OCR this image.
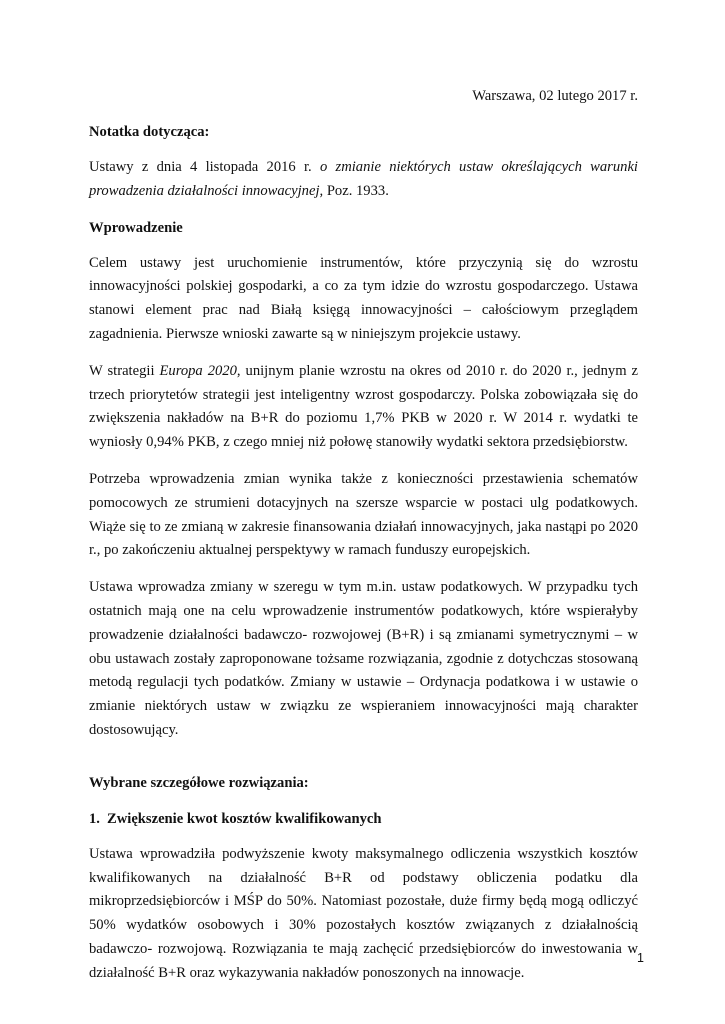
Warszawa, 02 lutego 2017 r.
Notatka dotycząca:

Ustawy z dnia 4 listopada 2016 r. o zmianie niektórych ustaw określających warunki prowadzenia działalności innowacyjnej, Poz. 1933.

Wprowadzenie

Celem ustawy jest uruchomienie instrumentów, które przyczynią się do wzrostu innowacyjności polskiej gospodarki, a co za tym idzie do wzrostu gospodarczego. Ustawa stanowi element prac nad Białą księgą innowacyjności – całościowym przeglądem zagadnienia. Pierwsze wnioski zawarte są w niniejszym projekcie ustawy.

W strategii Europa 2020, unijnym planie wzrostu na okres od 2010 r. do 2020 r., jednym z trzech priorytetów strategii jest inteligentny wzrost gospodarczy. Polska zobowiązała się do zwiększenia nakładów na B+R do poziomu 1,7% PKB w 2020 r. W 2014 r. wydatki te wyniosły 0,94% PKB, z czego mniej niż połowę stanowiły wydatki sektora przedsiębiorstw.

Potrzeba wprowadzenia zmian wynika także z konieczności przestawienia schematów pomocowych ze strumieni dotacyjnych na szersze wsparcie w postaci ulg podatkowych. Wiąże się to ze zmianą w zakresie finansowania działań innowacyjnych, jaka nastąpi po 2020 r., po zakończeniu aktualnej perspektywy w ramach funduszy europejskich.

Ustawa wprowadza zmiany w szeregu w tym m.in. ustaw podatkowych. W przypadku tych ostatnich mają one na celu wprowadzenie instrumentów podatkowych, które wspierałyby prowadzenie działalności badawczo- rozwojowej (B+R) i są zmianami symetrycznymi – w obu ustawach zostały zaproponowane tożsame rozwiązania, zgodnie z dotychczas stosowaną metodą regulacji tych podatków. Zmiany w ustawie – Ordynacja podatkowa i w ustawie o zmianie niektórych ustaw w związku ze wspieraniem innowacyjności mają charakter dostosowujący.

Wybrane szczegółowe rozwiązania:
1. Zwiększenie kwot kosztów kwalifikowanych

Ustawa wprowadziła podwyższenie kwoty maksymalnego odliczenia wszystkich kosztów kwalifikowanych na działalność B+R od podstawy obliczenia podatku dla mikroprzedsiębiorców i MŚP do 50%. Natomiast pozostałe, duże firmy będą mogą odliczyć 50% wydatków osobowych i 30% pozostałych kosztów związanych z działalnością badawczo- rozwojową. Rozwiązania te mają zachęcić przedsiębiorców do inwestowania w działalność B+R oraz wykazywania nakładów ponoszonych na innowacje.

1
